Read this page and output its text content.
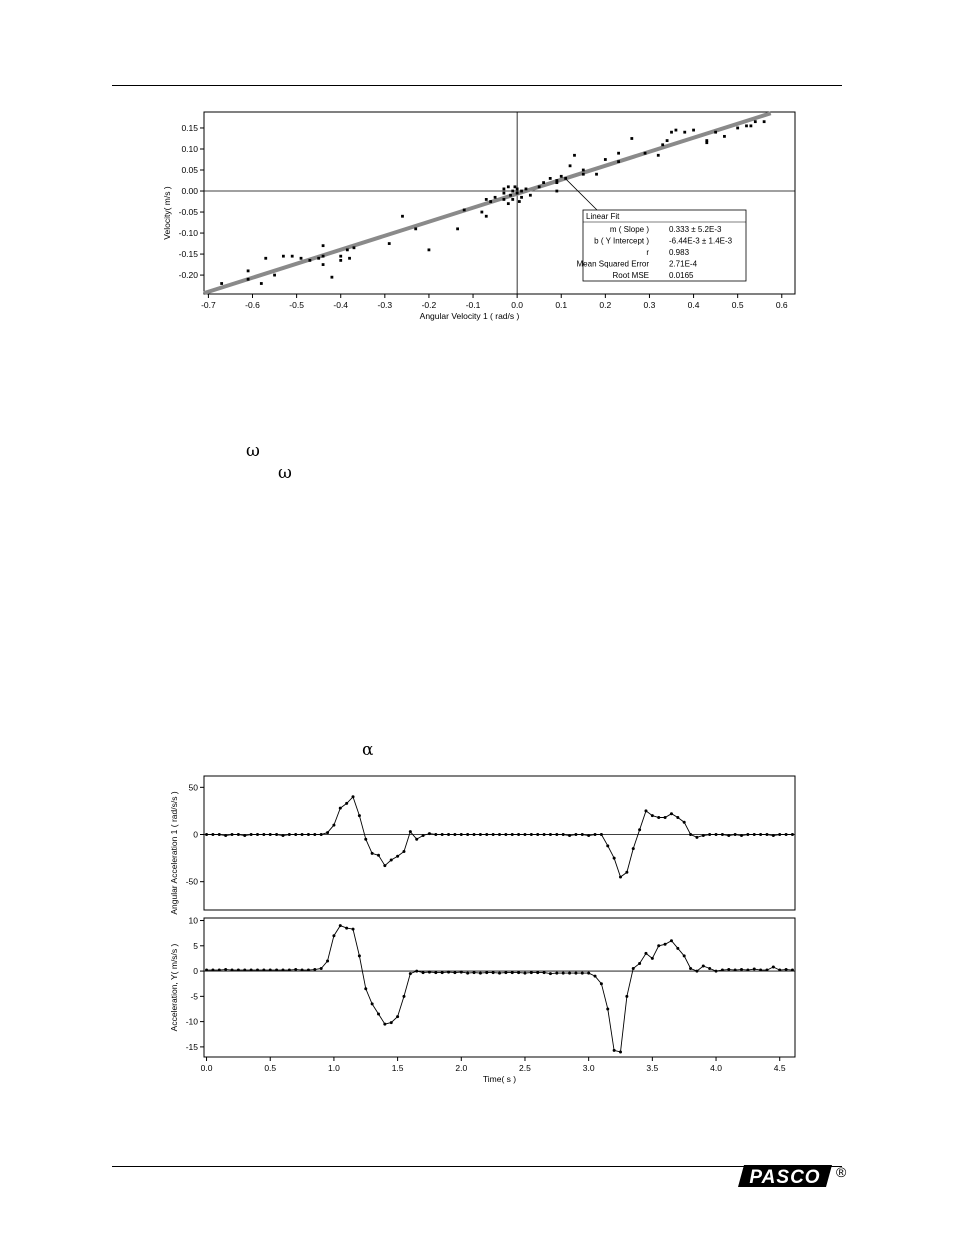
-0.7	-0.6	-0.5	-0.4	-0.3	-0.2	-0.1	0.0	0.1	0.2	0.3	0.4	0.5	0.6
-0.20
-0.15
-0.10
-0.05
0.00
0.05
0.10
0.15
Angular Velocity 1 ( rad/s )
Velocity( m/s )	Linear Fit
m ( Slope )	0.333 ± 5.2E-3
b ( Y Intercept )	-6.44E-3 ± 1.4E-3
r	0.983
Mean Squared Error	2.71E-4
Root MSE	0.0165
ω
ω
α
50
0
-50
Angular Acceleration 1 ( rad/s/s )
10
5
0
-5
-10
-15
0.0	0.5	1.0	1.5	2.0	2.5	3.0	3.5	4.0	4.5
Time( s )
Acceleration, Y( m/s/s )
PASCO ®
